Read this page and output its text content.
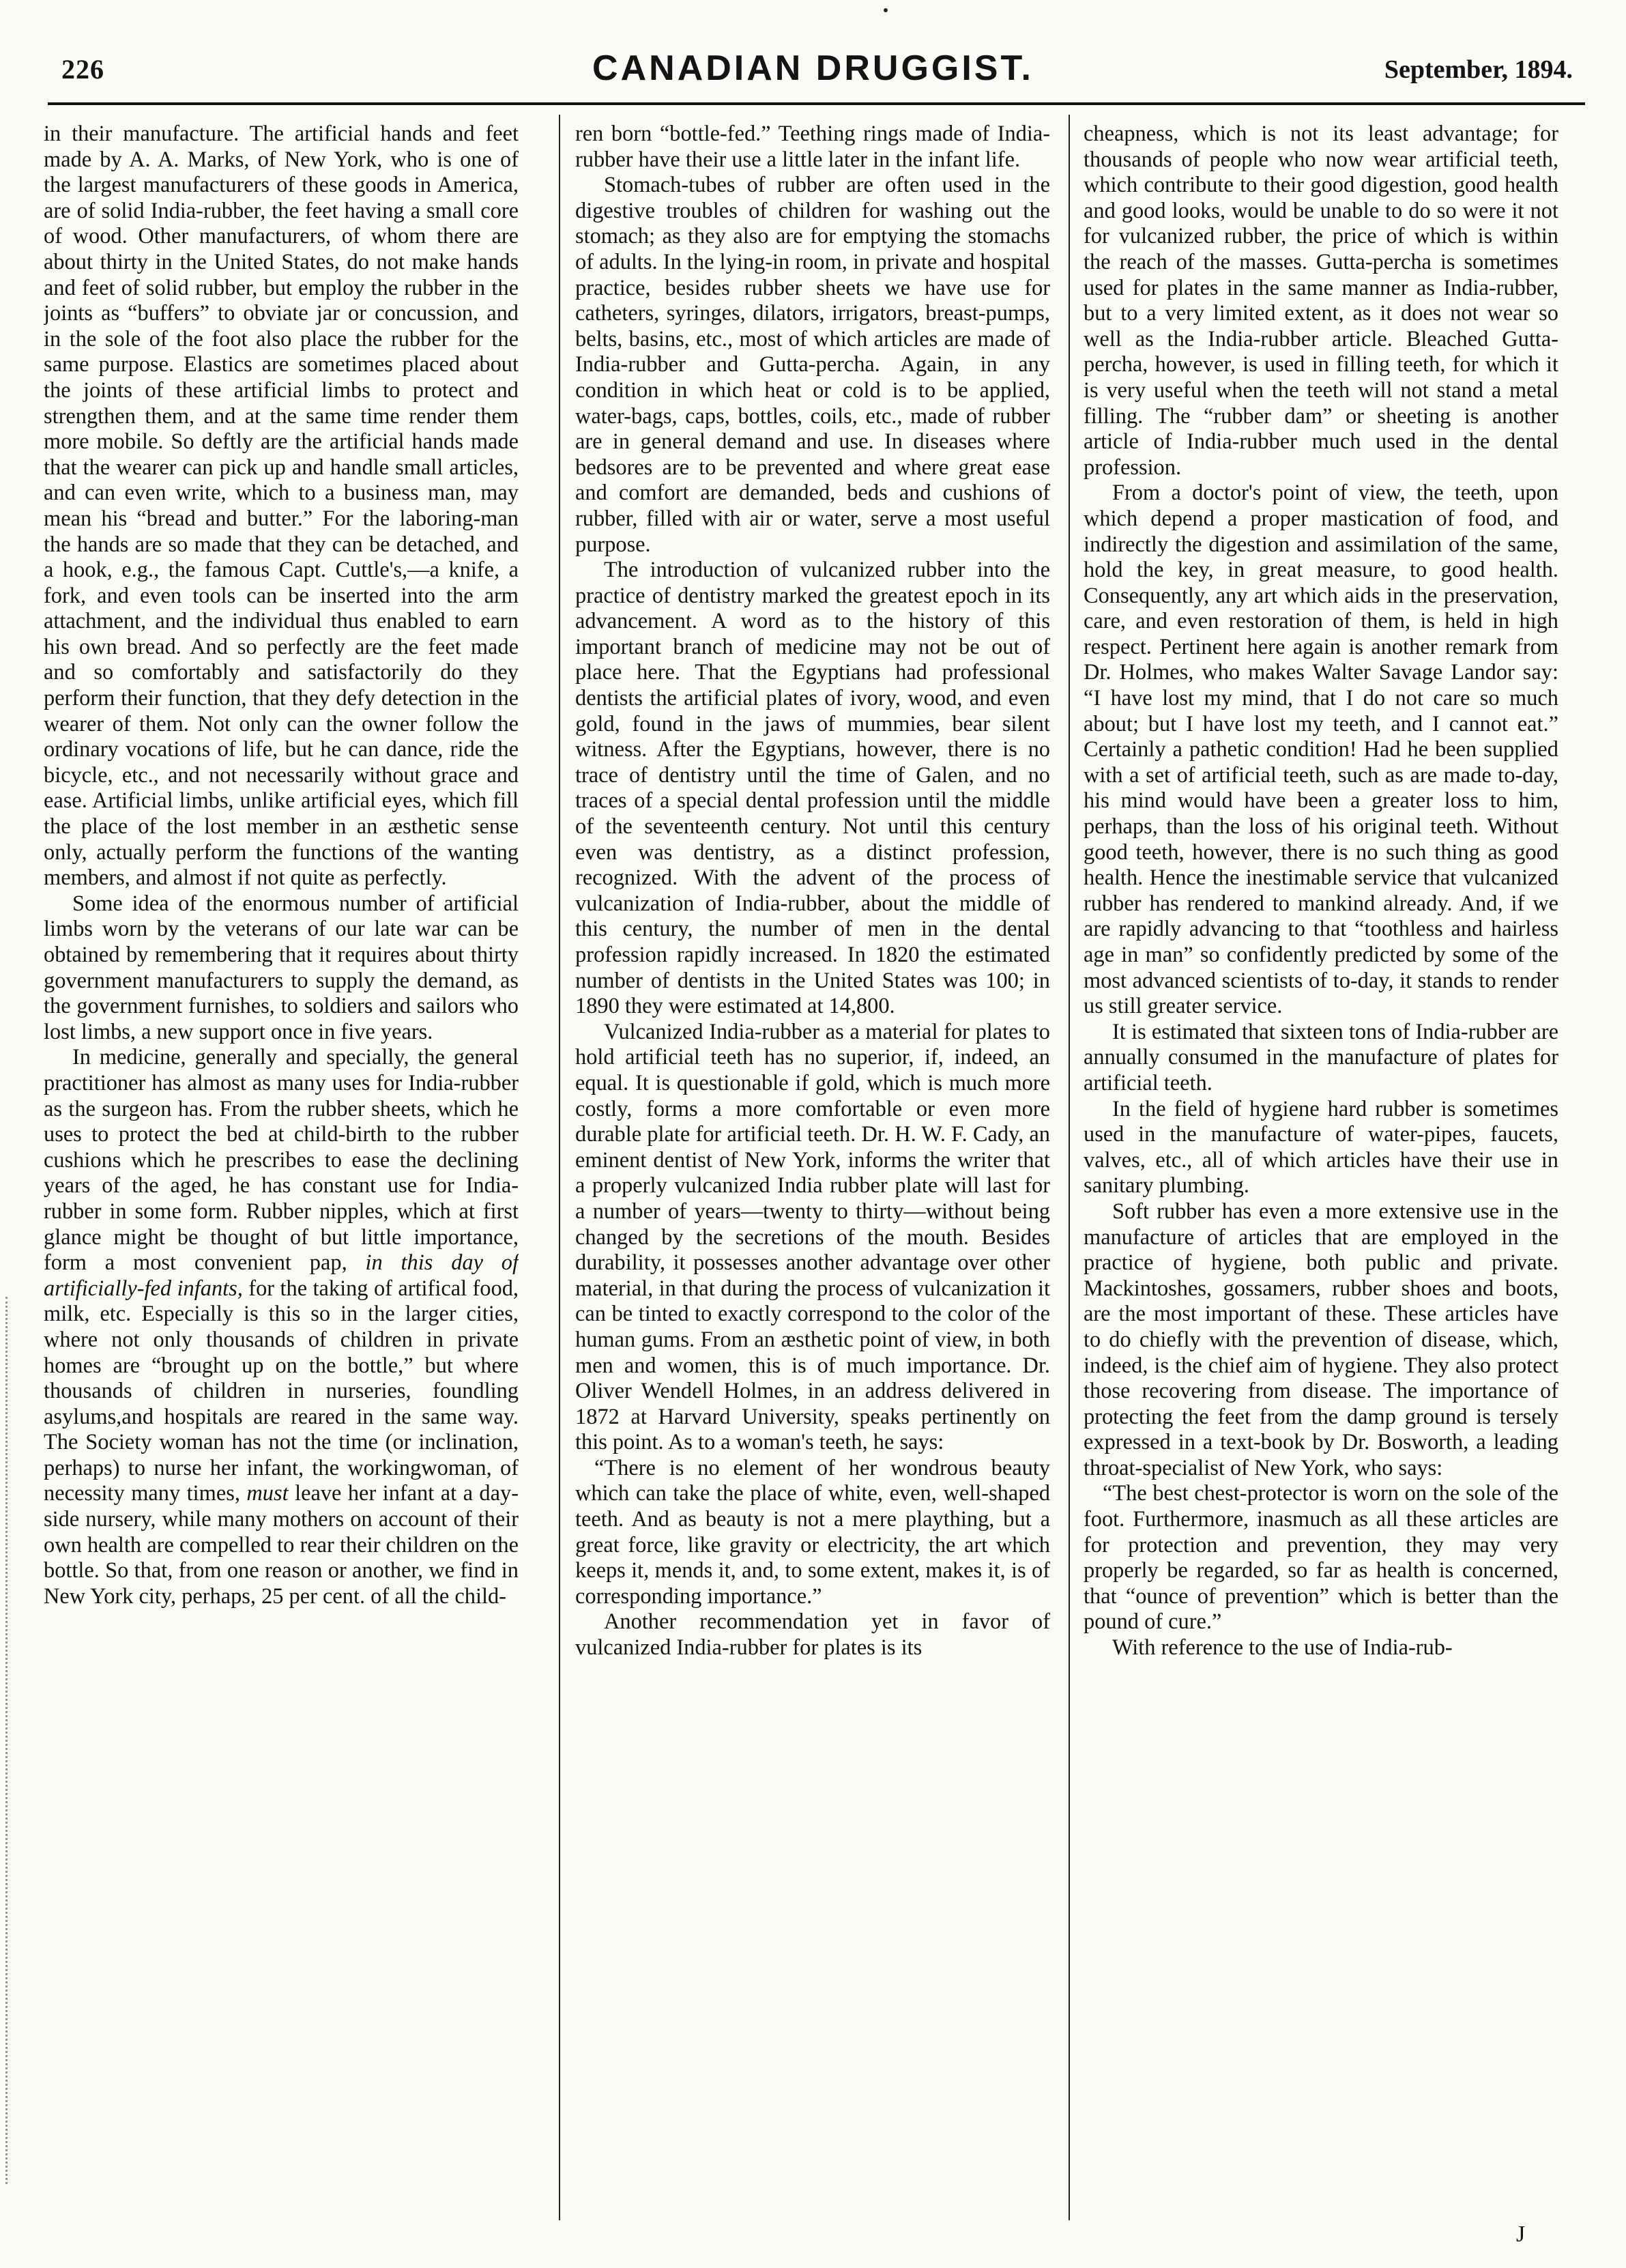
226	CANADIAN DRUGGIST.	September, 1894.

in their manufacture. The artificial hands and feet made by A. A. Marks, of New York, who is one of the largest manufacturers of these goods in America, are of solid India-rubber, the feet having a small core of wood. Other manufacturers, of whom there are about thirty in the United States, do not make hands and feet of solid rubber, but employ the rubber in the joints as “buffers” to obviate jar or concussion, and in the sole of the foot also place the rubber for the same purpose. Elastics are sometimes placed about the joints of these artificial limbs to protect and strengthen them, and at the same time render them more mobile. So deftly are the artificial hands made that the wearer can pick up and handle small articles, and can even write, which to a business man, may mean his “bread and butter.” For the laboring-man the hands are so made that they can be detached, and a hook, e.g., the famous Capt. Cuttle's,—a knife, a fork, and even tools can be inserted into the arm attachment, and the individual thus enabled to earn his own bread. And so perfectly are the feet made and so comfortably and satisfactorily do they perform their function, that they defy detection in the wearer of them. Not only can the owner follow the ordinary vocations of life, but he can dance, ride the bicycle, etc., and not necessarily without grace and ease. Artificial limbs, unlike artificial eyes, which fill the place of the lost member in an æsthetic sense only, actually perform the functions of the wanting members, and almost if not quite as perfectly.

Some idea of the enormous number of artificial limbs worn by the veterans of our late war can be obtained by remembering that it requires about thirty government manufacturers to supply the demand, as the government furnishes, to soldiers and sailors who lost limbs, a new support once in five years.

In medicine, generally and specially, the general practitioner has almost as many uses for India-rubber as the surgeon has. From the rubber sheets, which he uses to protect the bed at child-birth to the rubber cushions which he prescribes to ease the declining years of the aged, he has constant use for India-rubber in some form. Rubber nipples, which at first glance might be thought of but little importance, form a most convenient pap, in this day of artificially-fed infants, for the taking of artifical food, milk, etc. Especially is this so in the larger cities, where not only thousands of children in private homes are “brought up on the bottle,” but where thousands of children in nurseries, foundling asylums,and hospitals are reared in the same way. The Society woman has not the time (or inclination, perhaps) to nurse her infant, the workingwoman, of necessity many times, must leave her infant at a day-side nursery, while many mothers on account of their own health are compelled to rear their children on the bottle. So that, from one reason or another, we find in New York city, perhaps, 25 per cent. of all the child-

ren born “bottle-fed.” Teething rings made of India-rubber have their use a little later in the infant life.

Stomach-tubes of rubber are often used in the digestive troubles of children for washing out the stomach; as they also are for emptying the stomachs of adults. In the lying-in room, in private and hospital practice, besides rubber sheets we have use for catheters, syringes, dilators, irrigators, breast-pumps, belts, basins, etc., most of which articles are made of India-rubber and Gutta-percha. Again, in any condition in which heat or cold is to be applied, water-bags, caps, bottles, coils, etc., made of rubber are in general demand and use. In diseases where bedsores are to be prevented and where great ease and comfort are demanded, beds and cushions of rubber, filled with air or water, serve a most useful purpose.

The introduction of vulcanized rubber into the practice of dentistry marked the greatest epoch in its advancement. A word as to the history of this important branch of medicine may not be out of place here. That the Egyptians had professional dentists the artificial plates of ivory, wood, and even gold, found in the jaws of mummies, bear silent witness. After the Egyptians, however, there is no trace of dentistry until the time of Galen, and no traces of a special dental profession until the middle of the seventeenth century. Not until this century even was dentistry, as a distinct profession, recognized. With the advent of the process of vulcanization of India-rubber, about the middle of this century, the number of men in the dental profession rapidly increased. In 1820 the estimated number of dentists in the United States was 100; in 1890 they were estimated at 14,800.

Vulcanized India-rubber as a material for plates to hold artificial teeth has no superior, if, indeed, an equal. It is questionable if gold, which is much more costly, forms a more comfortable or even more durable plate for artificial teeth. Dr. H. W. F. Cady, an eminent dentist of New York, informs the writer that a properly vulcanized India rubber plate will last for a number of years—twenty to thirty—without being changed by the secretions of the mouth. Besides durability, it possesses another advantage over other material, in that during the process of vulcanization it can be tinted to exactly correspond to the color of the human gums. From an æsthetic point of view, in both men and women, this is of much importance. Dr. Oliver Wendell Holmes, in an address delivered in 1872 at Harvard University, speaks pertinently on this point. As to a woman's teeth, he says:

“There is no element of her wondrous beauty which can take the place of white, even, well-shaped teeth. And as beauty is not a mere plaything, but a great force, like gravity or electricity, the art which keeps it, mends it, and, to some extent, makes it, is of corresponding importance.”

Another recommendation yet in favor of vulcanized India-rubber for plates is its

cheapness, which is not its least advantage; for thousands of people who now wear artificial teeth, which contribute to their good digestion, good health and good looks, would be unable to do so were it not for vulcanized rubber, the price of which is within the reach of the masses. Gutta-percha is sometimes used for plates in the same manner as India-rubber, but to a very limited extent, as it does not wear so well as the India-rubber article. Bleached Gutta-percha, however, is used in filling teeth, for which it is very useful when the teeth will not stand a metal filling. The “rubber dam” or sheeting is another article of India-rubber much used in the dental profession.

From a doctor's point of view, the teeth, upon which depend a proper mastication of food, and indirectly the digestion and assimilation of the same, hold the key, in great measure, to good health. Consequently, any art which aids in the preservation, care, and even restoration of them, is held in high respect. Pertinent here again is another remark from Dr. Holmes, who makes Walter Savage Landor say: “I have lost my mind, that I do not care so much about; but I have lost my teeth, and I cannot eat.” Certainly a pathetic condition! Had he been supplied with a set of artificial teeth, such as are made to-day, his mind would have been a greater loss to him, perhaps, than the loss of his original teeth. Without good teeth, however, there is no such thing as good health. Hence the inestimable service that vulcanized rubber has rendered to mankind already. And, if we are rapidly advancing to that “toothless and hairless age in man” so confidently predicted by some of the most advanced scientists of to-day, it stands to render us still greater service.

It is estimated that sixteen tons of India-rubber are annually consumed in the manufacture of plates for artificial teeth.

In the field of hygiene hard rubber is sometimes used in the manufacture of water-pipes, faucets, valves, etc., all of which articles have their use in sanitary plumbing.

Soft rubber has even a more extensive use in the manufacture of articles that are employed in the practice of hygiene, both public and private. Mackintoshes, gossamers, rubber shoes and boots, are the most important of these. These articles have to do chiefly with the prevention of disease, which, indeed, is the chief aim of hygiene. They also protect those recovering from disease. The importance of protecting the feet from the damp ground is tersely expressed in a text-book by Dr. Bosworth, a leading throat-specialist of New York, who says:

“The best chest-protector is worn on the sole of the foot. Furthermore, inasmuch as all these articles are for protection and prevention, they may very properly be regarded, so far as health is concerned, that “ounce of prevention” which is better than the pound of cure.”

With reference to the use of India-rub-

J
